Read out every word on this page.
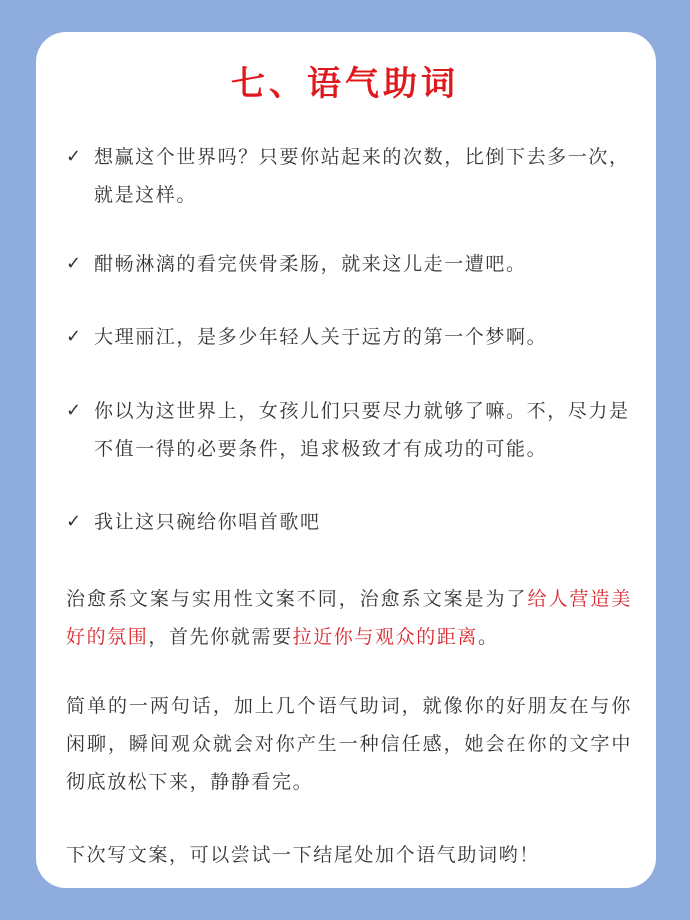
七、语气助词
✓ 想赢这个世界吗？只要你站起来的次数，比倒下去多一次，就是这样。
✓ 酣畅淋漓的看完侠骨柔肠，就来这儿走一遭吧。
✓ 大理丽江，是多少年轻人关于远方的第一个梦啊。
✓ 你以为这世界上，女孩儿们只要尽力就够了嘛。不，尽力是不值一得的必要条件，追求极致才有成功的可能。
✓ 我让这只碗给你唱首歌吧
治愈系文案与实用性文案不同，治愈系文案是为了给人营造美好的氛围，首先你就需要拉近你与观众的距离。
简单的一两句话，加上几个语气助词，就像你的好朋友在与你闲聊，瞬间观众就会对你产生一种信任感，她会在你的文字中彻底放松下来，静静看完。
下次写文案，可以尝试一下结尾处加个语气助词哟！
